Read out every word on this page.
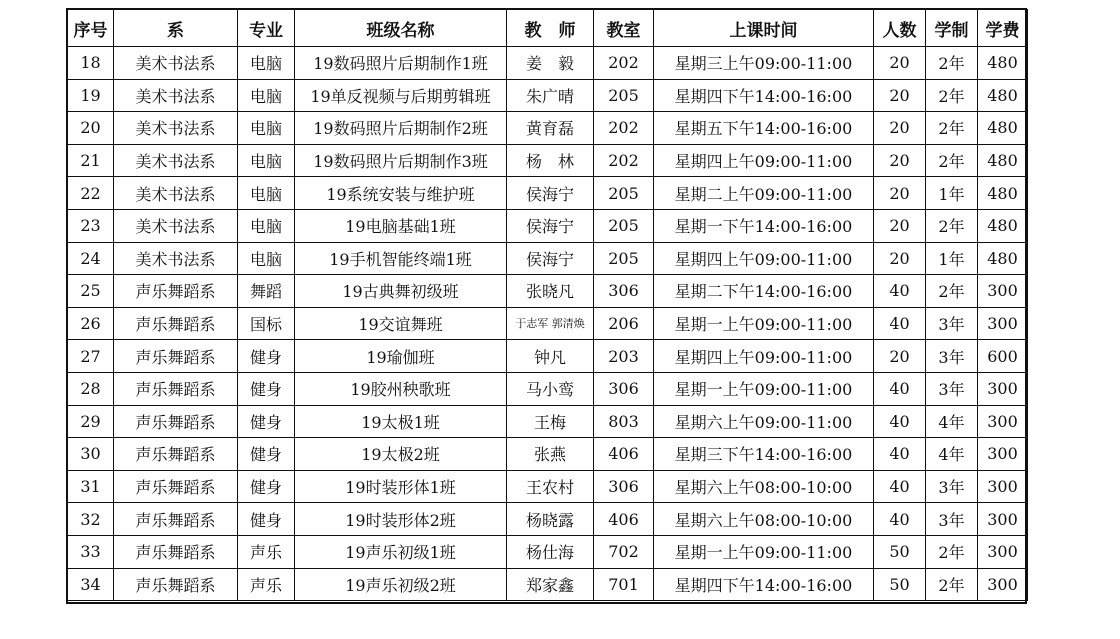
序号	系	专业	班级名称	教　师	教室	上课时间	人数	学制	学费
18	美术书法系	电脑	19数码照片后期制作1班	姜　毅	202	星期三上午09:00-11:00	20	2年	480
19	美术书法系	电脑	19单反视频与后期剪辑班	朱广晴	205	星期四下午14:00-16:00	20	2年	480
20	美术书法系	电脑	19数码照片后期制作2班	黄育磊	202	星期五下午14:00-16:00	20	2年	480
21	美术书法系	电脑	19数码照片后期制作3班	杨　林	202	星期四上午09:00-11:00	20	2年	480
22	美术书法系	电脑	19系统安装与维护班	侯海宁	205	星期二上午09:00-11:00	20	1年	480
23	美术书法系	电脑	19电脑基础1班	侯海宁	205	星期一下午14:00-16:00	20	2年	480
24	美术书法系	电脑	19手机智能终端1班	侯海宁	205	星期四上午09:00-11:00	20	1年	480
25	声乐舞蹈系	舞蹈	19古典舞初级班	张晓凡	306	星期二下午14:00-16:00	40	2年	300
26	声乐舞蹈系	国标	19交谊舞班	于志军 郭清焕	206	星期一上午09:00-11:00	40	3年	300
27	声乐舞蹈系	健身	19瑜伽班	钟凡	203	星期四上午09:00-11:00	20	3年	600
28	声乐舞蹈系	健身	19胶州秧歌班	马小鸾	306	星期一上午09:00-11:00	40	3年	300
29	声乐舞蹈系	健身	19太极1班	王梅	803	星期六上午09:00-11:00	40	4年	300
30	声乐舞蹈系	健身	19太极2班	张燕	406	星期三下午14:00-16:00	40	4年	300
31	声乐舞蹈系	健身	19时装形体1班	王农村	306	星期六上午08:00-10:00	40	3年	300
32	声乐舞蹈系	健身	19时装形体2班	杨晓露	406	星期六上午08:00-10:00	40	3年	300
33	声乐舞蹈系	声乐	19声乐初级1班	杨仕海	702	星期一上午09:00-11:00	50	2年	300
34	声乐舞蹈系	声乐	19声乐初级2班	郑家鑫	701	星期四下午14:00-16:00	50	2年	300
